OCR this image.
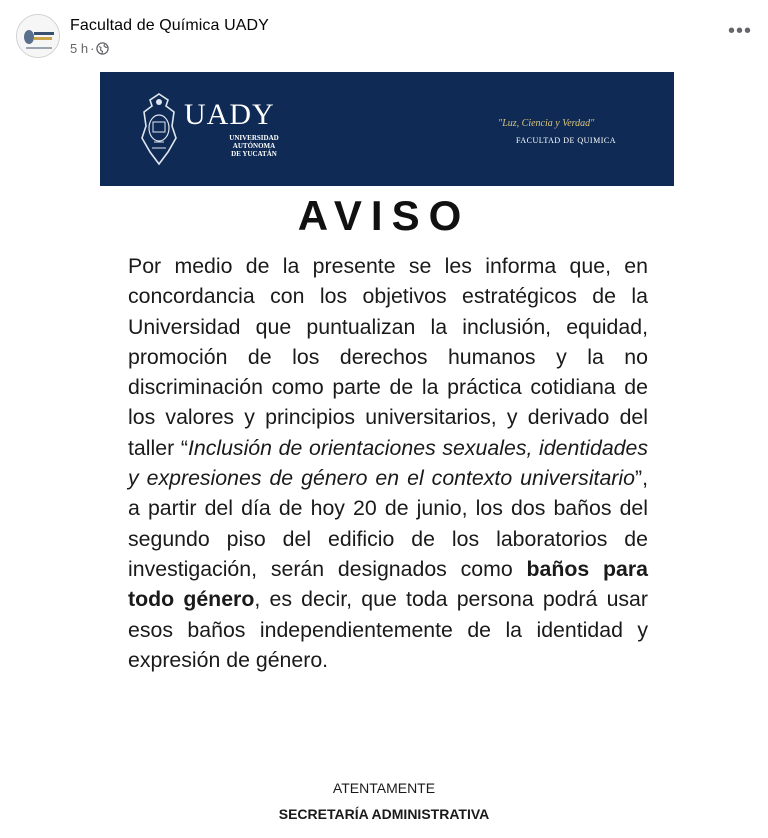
Facultad de Química UADY
5 h ·
•••
UADY
UNIVERSIDAD
AUTÓNOMA
DE YUCATÁN
"Luz, Ciencia y Verdad"
FACULTAD DE QUIMICA
AVISO
Por medio de la presente se les informa que, en concordancia con los objetivos estratégicos de la Universidad que puntualizan la inclusión, equidad, promoción de los derechos humanos y la no discriminación como parte de la práctica cotidiana de los valores y principios universitarios, y derivado del taller “Inclusión de orientaciones sexuales, identidades y expresiones de género en el contexto universitario”, a partir del día de hoy 20 de junio, los dos baños del segundo piso del edificio de los laboratorios de investigación, serán designados como baños para todo género, es decir, que toda persona podrá usar esos baños independientemente de la identidad y expresión de género.
ATENTAMENTE
SECRETARÍA ADMINISTRATIVA
